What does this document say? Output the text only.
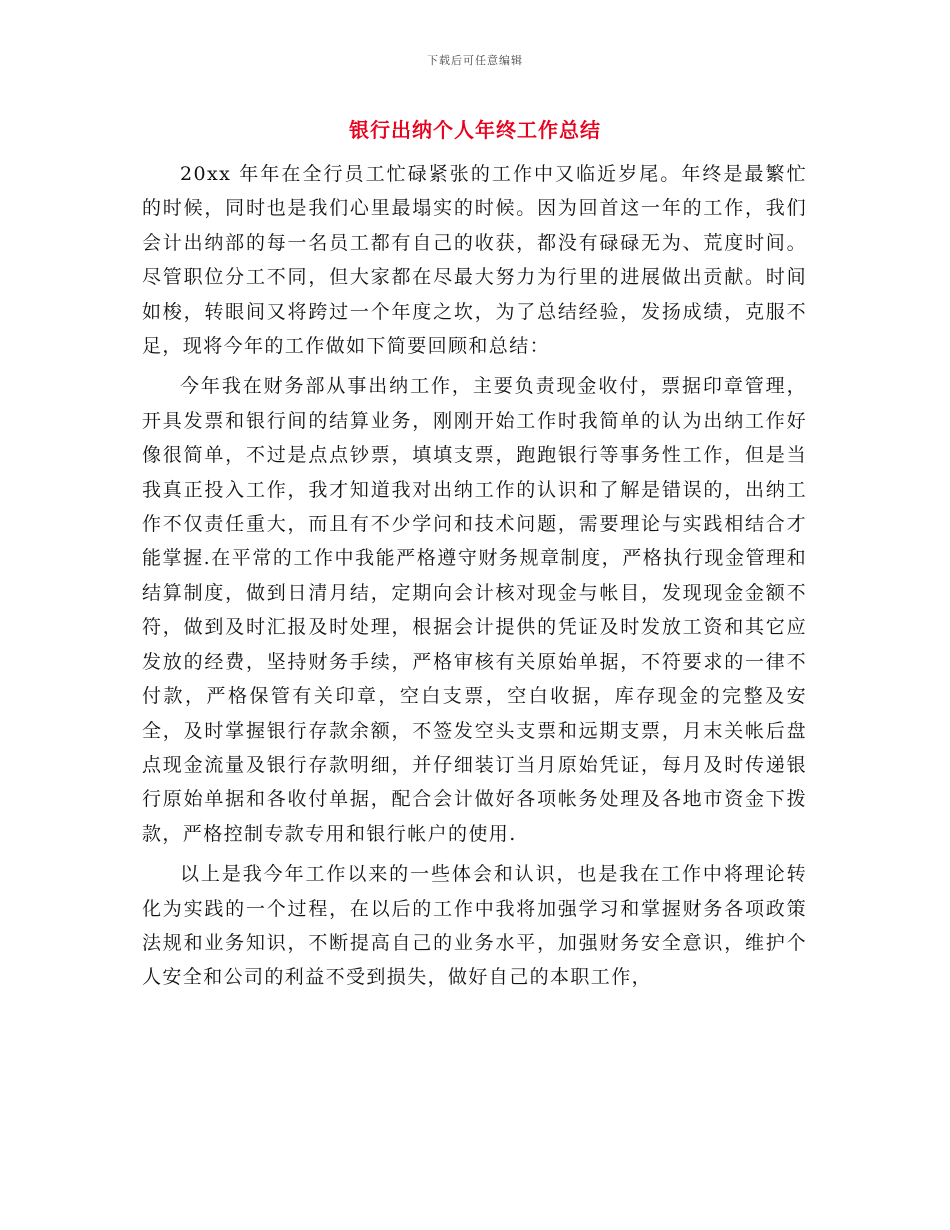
下载后可任意编辑
银行出纳个人年终工作总结

20xx 年年在全行员工忙碌紧张的工作中又临近岁尾。年终是最繁忙的时候，同时也是我们心里最塌实的时候。因为回首这一年的工作，我们会计出纳部的每一名员工都有自己的收获，都没有碌碌无为、荒度时间。尽管职位分工不同，但大家都在尽最大努力为行里的进展做出贡献。时间如梭，转眼间又将跨过一个年度之坎，为了总结经验，发扬成绩，克服不足，现将今年的工作做如下简要回顾和总结：

今年我在财务部从事出纳工作，主要负责现金收付，票据印章管理，开具发票和银行间的结算业务，刚刚开始工作时我简单的认为出纳工作好像很简单，不过是点点钞票，填填支票，跑跑银行等事务性工作，但是当我真正投入工作，我才知道我对出纳工作的认识和了解是错误的，出纳工作不仅责任重大，而且有不少学问和技术问题，需要理论与实践相结合才能掌握.在平常的工作中我能严格遵守财务规章制度，严格执行现金管理和结算制度，做到日清月结，定期向会计核对现金与帐目，发现现金金额不符，做到及时汇报及时处理，根据会计提供的凭证及时发放工资和其它应发放的经费，坚持财务手续，严格审核有关原始单据，不符要求的一律不付款，严格保管有关印章，空白支票，空白收据，库存现金的完整及安全，及时掌握银行存款余额，不签发空头支票和远期支票，月末关帐后盘点现金流量及银行存款明细，并仔细装订当月原始凭证，每月及时传递银行原始单据和各收付单据，配合会计做好各项帐务处理及各地市资金下拨款，严格控制专款专用和银行帐户的使用.

以上是我今年工作以来的一些体会和认识，也是我在工作中将理论转化为实践的一个过程，在以后的工作中我将加强学习和掌握财务各项政策法规和业务知识，不断提高自己的业务水平，加强财务安全意识，维护个人安全和公司的利益不受到损失，做好自己的本职工作，
